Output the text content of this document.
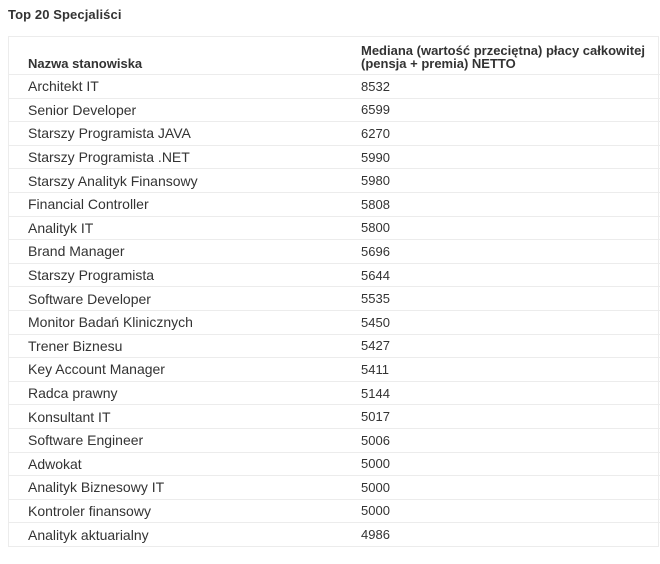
Top 20 Specjaliści
Nazwa stanowiska	Mediana (wartość przeciętna) płacy całkowitej (pensja + premia) NETTO
Architekt IT	8532
Senior Developer	6599
Starszy Programista JAVA	6270
Starszy Programista .NET	5990
Starszy Analityk Finansowy	5980
Financial Controller	5808
Analityk IT	5800
Brand Manager	5696
Starszy Programista	5644
Software Developer	5535
Monitor Badań Klinicznych	5450
Trener Biznesu	5427
Key Account Manager	5411
Radca prawny	5144
Konsultant IT	5017
Software Engineer	5006
Adwokat	5000
Analityk Biznesowy IT	5000
Kontroler finansowy	5000
Analityk aktuarialny	4986
